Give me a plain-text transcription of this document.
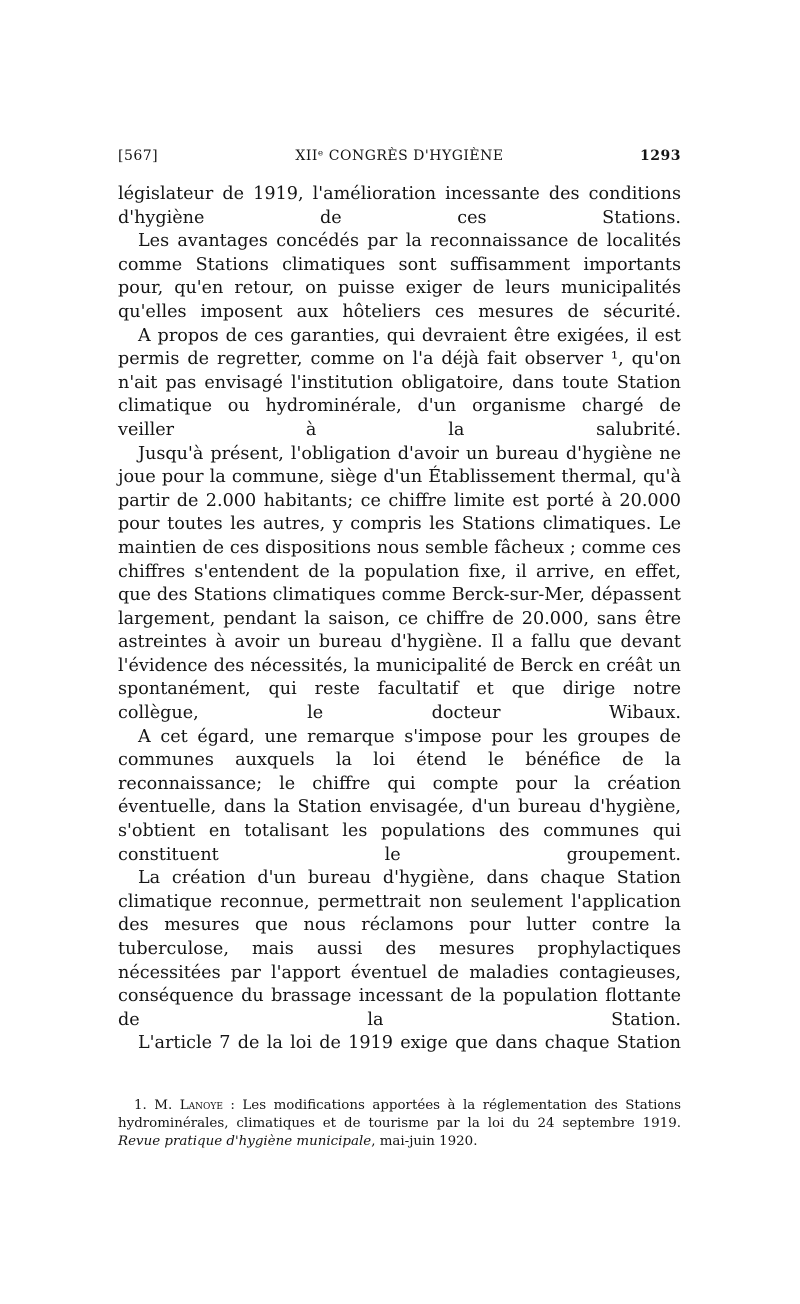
[567]	XIIᵉ CONGRÈS D'HYGIÈNE	1293

législateur de 1919, l'amélioration incessante des conditions d'hygiène de ces Stations.

Les avantages concédés par la reconnaissance de localités comme Stations climatiques sont suffisamment importants pour, qu'en retour, on puisse exiger de leurs municipalités qu'elles imposent aux hôteliers ces mesures de sécurité.

A propos de ces garanties, qui devraient être exigées, il est permis de regretter, comme on l'a déjà fait observer ¹, qu'on n'ait pas envisagé l'institution obligatoire, dans toute Station climatique ou hydrominérale, d'un organisme chargé de veiller à la salubrité.

Jusqu'à présent, l'obligation d'avoir un bureau d'hygiène ne joue pour la commune, siège d'un Établissement thermal, qu'à partir de 2.000 habitants; ce chiffre limite est porté à 20.000 pour toutes les autres, y compris les Stations climatiques. Le maintien de ces dispositions nous semble fâcheux ; comme ces chiffres s'entendent de la population fixe, il arrive, en effet, que des Stations climatiques comme Berck-sur-Mer, dépassent largement, pendant la saison, ce chiffre de 20.000, sans être astreintes à avoir un bureau d'hygiène. Il a fallu que devant l'évidence des nécessités, la municipalité de Berck en créât un spontanément, qui reste facultatif et que dirige notre collègue, le docteur Wibaux.

A cet égard, une remarque s'impose pour les groupes de communes auxquels la loi étend le bénéfice de la reconnaissance; le chiffre qui compte pour la création éventuelle, dans la Station envisagée, d'un bureau d'hygiène, s'obtient en totalisant les populations des communes qui constituent le groupement.

La création d'un bureau d'hygiène, dans chaque Station climatique reconnue, permettrait non seulement l'application des mesures que nous réclamons pour lutter contre la tuberculose, mais aussi des mesures prophylactiques nécessitées par l'apport éventuel de maladies contagieuses, conséquence du brassage incessant de la population flottante de la Station.

L'article 7 de la loi de 1919 exige que dans chaque Station

1. M. Lanoye : Les modifications apportées à la réglementation des Stations hydrominérales, climatiques et de tourisme par la loi du 24 septembre 1919. Revue pratique d'hygiène municipale, mai-juin 1920.
